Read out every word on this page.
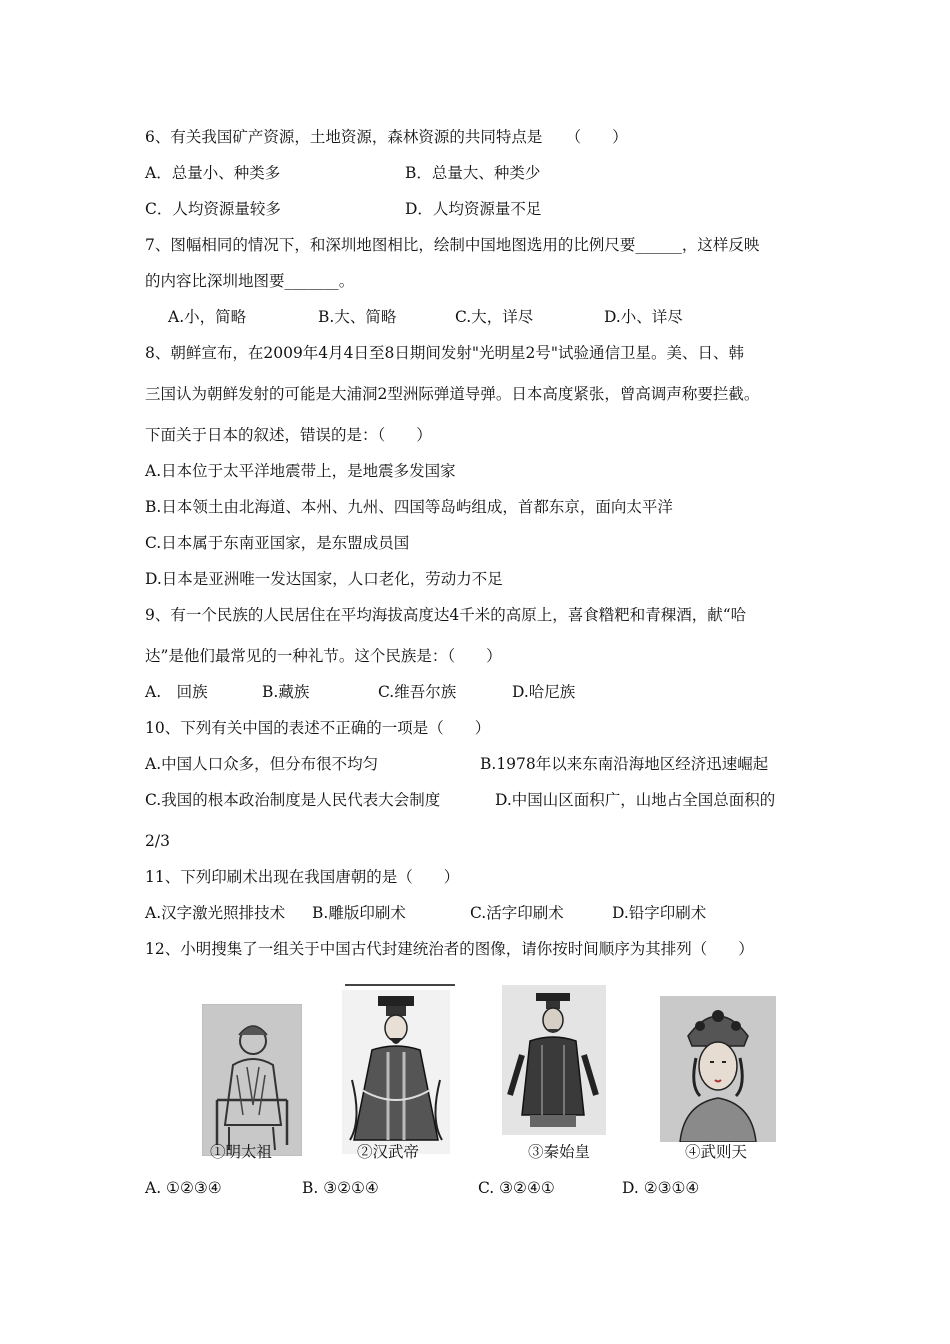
6、有关我国矿产资源，土地资源，森林资源的共同特点是　　（　　）
A．总量小、种类多	B．总量大、种类少
C．人均资源量较多	D．人均资源量不足
7、图幅相同的情况下，和深圳地图相比，绘制中国地图选用的比例尺要______，这样反映
的内容比深圳地图要_______。
A.小，简略	B.大、简略	C.大，详尽	D.小、详尽
8、朝鲜宣布，在2009年4月4日至8日期间发射"光明星2号"试验通信卫星。美、日、韩
三国认为朝鲜发射的可能是大浦洞2型洲际弹道导弹。日本高度紧张，曾高调声称要拦截。
下面关于日本的叙述，错误的是：（　　）
A.日本位于太平洋地震带上，是地震多发国家
B.日本领土由北海道、本州、九州、四国等岛屿组成，首都东京，面向太平洋
C.日本属于东南亚国家，是东盟成员国
D.日本是亚洲唯一发达国家，人口老化，劳动力不足
9、有一个民族的人民居住在平均海拔高度达4千米的高原上，喜食糌粑和青稞酒，献“哈
达”是他们最常见的一种礼节。这个民族是：（　　）
A.　回族	B.藏族	C.维吾尔族	D.哈尼族
10、下列有关中国的表述不正确的一项是（　　）
A.中国人口众多，但分布很不均匀	B.1978年以来东南沿海地区经济迅速崛起
C.我国的根本政治制度是人民代表大会制度	D.中国山区面积广，山地占全国总面积的
2/3
11、下列印刷术出现在我国唐朝的是（　　）
A.汉字激光照排技术 B.雕版印刷术	C.活字印刷术	D.铅字印刷术
12、小明搜集了一组关于中国古代封建统治者的图像，请你按时间顺序为其排列（　　）
①明太祖	②汉武帝	③秦始皇	④武则天
A. ①②③④	B. ③②①④	C. ③②④①	D. ②③①④
